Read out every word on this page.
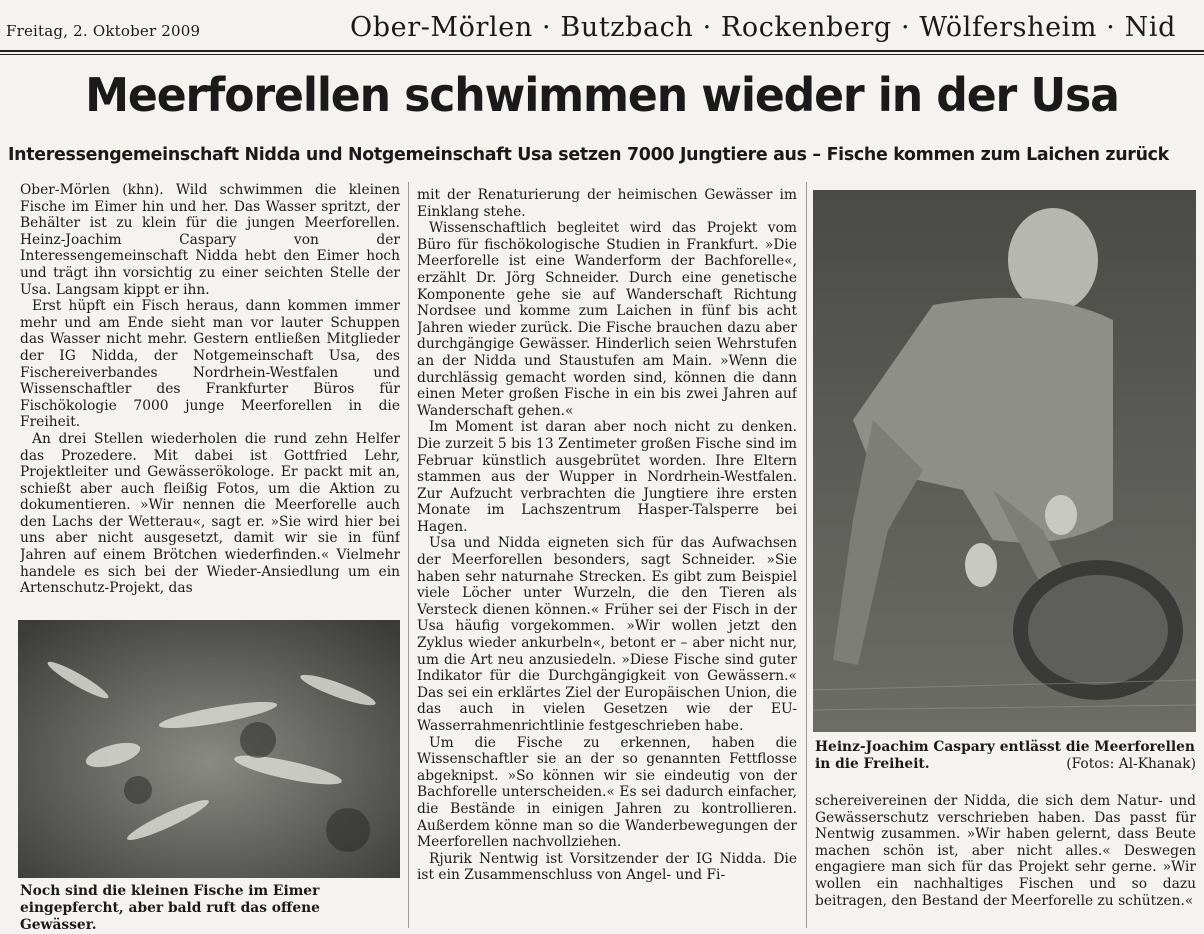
Freitag, 2. Oktober 2009	Ober-Mörlen · Butzbach · Rockenberg · Wölfersheim · Nid
Meerforellen schwimmen wieder in der Usa
Interessengemeinschaft Nidda und Notgemeinschaft Usa setzen 7000 Jungtiere aus – Fische kommen zum Laichen zurück

Ober-Mörlen (khn). Wild schwimmen die kleinen Fische im Eimer hin und her. Das Wasser spritzt, der Behälter ist zu klein für die jungen Meerforellen. Heinz-Joachim Caspary von der Interessengemeinschaft Nidda hebt den Eimer hoch und trägt ihn vorsichtig zu einer seichten Stelle der Usa. Langsam kippt er ihn.

Erst hüpft ein Fisch heraus, dann kommen immer mehr und am Ende sieht man vor lauter Schuppen das Wasser nicht mehr. Gestern entließen Mitglieder der IG Nidda, der Notgemeinschaft Usa, des Fischereiverbandes Nordrhein-Westfalen und Wissenschaftler des Frankfurter Büros für Fischökologie 7000 junge Meerforellen in die Freiheit.

An drei Stellen wiederholen die rund zehn Helfer das Prozedere. Mit dabei ist Gottfried Lehr, Projektleiter und Gewässerökologe. Er packt mit an, schießt aber auch fleißig Fotos, um die Aktion zu dokumentieren. »Wir nennen die Meerforelle auch den Lachs der Wetterau«, sagt er. »Sie wird hier bei uns aber nicht ausgesetzt, damit wir sie in fünf Jahren auf einem Brötchen wiederfinden.« Vielmehr handele es sich bei der Wieder-Ansiedlung um ein Artenschutz-Projekt, das

mit der Renaturierung der heimischen Gewässer im Einklang stehe.

Wissenschaftlich begleitet wird das Projekt vom Büro für fischökologische Studien in Frankfurt. »Die Meerforelle ist eine Wanderform der Bachforelle«, erzählt Dr. Jörg Schneider. Durch eine genetische Komponente gehe sie auf Wanderschaft Richtung Nordsee und komme zum Laichen in fünf bis acht Jahren wieder zurück. Die Fische brauchen dazu aber durchgängige Gewässer. Hinderlich seien Wehrstufen an der Nidda und Staustufen am Main. »Wenn die durchlässig gemacht worden sind, können die dann einen Meter großen Fische in ein bis zwei Jahren auf Wanderschaft gehen.«

Im Moment ist daran aber noch nicht zu denken. Die zurzeit 5 bis 13 Zentimeter großen Fische sind im Februar künstlich ausgebrütet worden. Ihre Eltern stammen aus der Wupper in Nordrhein-Westfalen. Zur Aufzucht verbrachten die Jungtiere ihre ersten Monate im Lachszentrum Hasper-Talsperre bei Hagen.

Usa und Nidda eigneten sich für das Aufwachsen der Meerforellen besonders, sagt Schneider. »Sie haben sehr naturnahe Strecken. Es gibt zum Beispiel viele Löcher unter Wurzeln, die den Tieren als Versteck dienen können.« Früher sei der Fisch in der Usa häufig vorgekommen. »Wir wollen jetzt den Zyklus wieder ankurbeln«, betont er – aber nicht nur, um die Art neu anzusiedeln. »Diese Fische sind guter Indikator für die Durchgängigkeit von Gewässern.« Das sei ein erklärtes Ziel der Europäischen Union, die das auch in vielen Gesetzen wie der EU-Wasserrahmenrichtlinie festgeschrieben habe.

Um die Fische zu erkennen, haben die Wissenschaftler sie an der so genannten Fettflosse abgeknipst. »So können wir sie eindeutig von der Bachforelle unterscheiden.« Es sei dadurch einfacher, die Bestände in einigen Jahren zu kontrollieren. Außerdem könne man so die Wanderbewegungen der Meerforellen nachvollziehen.

Rjurik Nentwig ist Vorsitzender der IG Nidda. Die ist ein Zusammenschluss von Angel- und Fi-

Noch sind die kleinen Fische im Eimer eingepfercht, aber bald ruft das offene Gewässer.
Heinz-Joachim Caspary entlässt die Meerforellen in die Freiheit.	(Fotos: Al-Khanak)

schereivereinen der Nidda, die sich dem Natur- und Gewässerschutz verschrieben haben. Das passt für Nentwig zusammen. »Wir haben gelernt, dass Beute machen schön ist, aber nicht alles.« Deswegen engagiere man sich für das Projekt sehr gerne. »Wir wollen ein nachhaltiges Fischen und so dazu beitragen, den Bestand der Meerforelle zu schützen.«
